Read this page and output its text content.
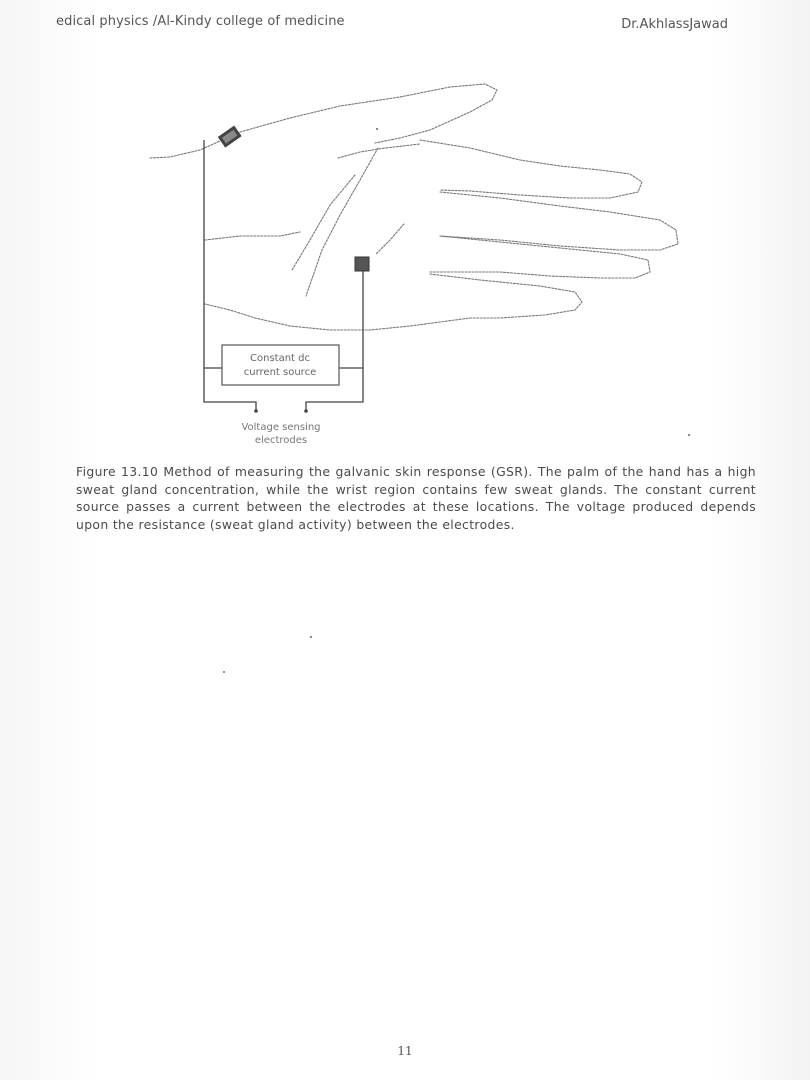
edical physics /Al-Kindy college of medicine	Dr.AkhlassJawad
Constant dc
current source
Voltage sensing
electrodes
Figure 13.10 Method of measuring the galvanic skin response (GSR). The palm of the hand has a high sweat gland concentration, while the wrist region contains few sweat glands. The constant current source passes a current between the electrodes at these locations. The voltage produced depends upon the resistance (sweat gland activity) between the electrodes.
11
